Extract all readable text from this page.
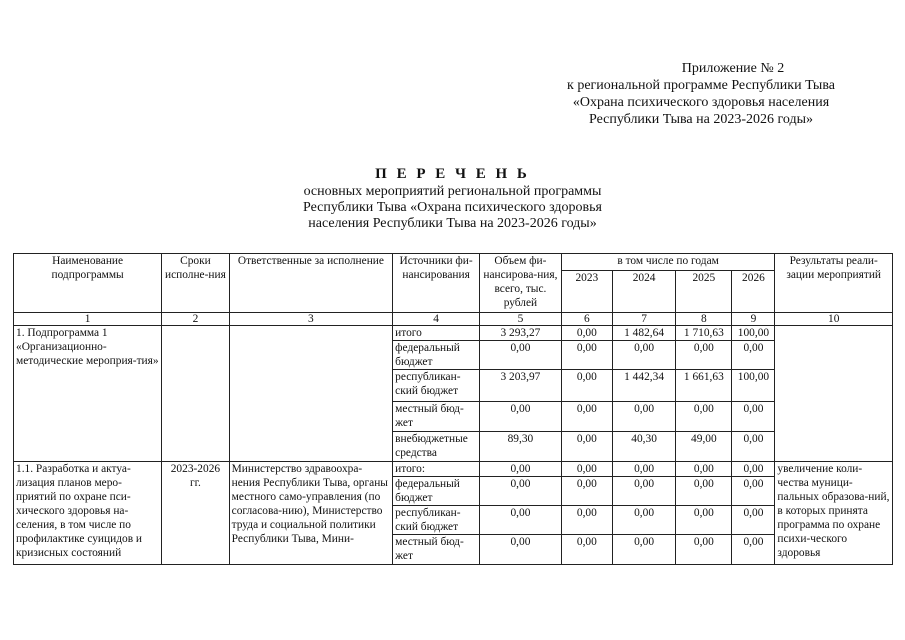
Приложение № 2
к региональной программе Республики Тыва
«Охрана психического здоровья населения
Республики Тыва на 2023-2026 годы»
П Е Р Е Ч Е Н Ь
основных мероприятий региональной программы
Республики Тыва «Охрана психического здоровья
населения Республики Тыва на 2023-2026 годы»
Наименование подпрограммы	Сроки исполне-ния	Ответственные за исполнение	Источники фи-нансирования	Объем фи-нансирова-ния, всего, тыс. рублей	в том числе по годам				Результаты реали-зации мероприятий
					2023	2024	2025	2026	
1	2	3	4	5	6	7	8	9	10
1. Подпрограмма 1 «Организационно-методические мероприя-тия»			итого	3 293,27	0,00	1 482,64	1 710,63	100,00	
			федеральный бюджет	0,00	0,00	0,00	0,00	0,00	
			республикан-ский бюджет	3 203,97	0,00	1 442,34	1 661,63	100,00	
			местный бюд-жет	0,00	0,00	0,00	0,00	0,00	
			внебюджетные средства	89,30	0,00	40,30	49,00	0,00	
1.1. Разработка и актуа-лизация планов меро-приятий по охране пси-хического здоровья на-селения, в том числе по профилактике суицидов и кризисных состояний	2023-2026 гг.	Министерство здравоохра-нения Республики Тыва, органы местного само-управления (по согласова-нию), Министерство труда и социальной политики Республики Тыва, Мини-	итого:	0,00	0,00	0,00	0,00	0,00	увеличение коли-чества муници-пальных образова-ний, в которых принята программа по охране психи-ческого здоровья
			федеральный бюджет	0,00	0,00	0,00	0,00	0,00	
			республикан-ский бюджет	0,00	0,00	0,00	0,00	0,00	
			местный бюд-жет	0,00	0,00	0,00	0,00	0,00	
